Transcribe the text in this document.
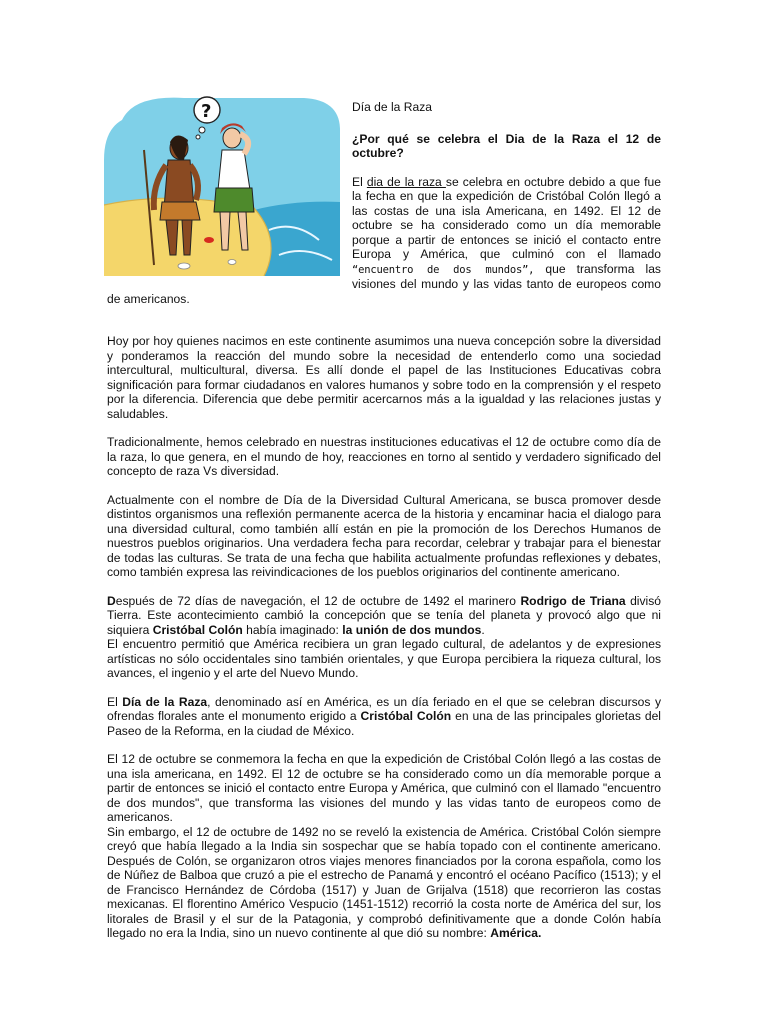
?	Día de la Raza
¿Por qué se celebra el Dia de la Raza el 12 de octubre?

El dia de la raza se celebra en octubre debido a que fue la fecha en que la expedición de Cristóbal Colón llegó a las costas de una isla Americana, en 1492. El 12 de octubre se ha considerado como un día memorable porque a partir de entonces se inició el contacto entre Europa y América, que culminó con el llamado “encuentro de dos mundos”, que transforma las visiones del mundo y las vidas tanto de europeos como de americanos.

Hoy por hoy quienes nacimos en este continente asumimos una nueva concepción sobre la diversidad y ponderamos la reacción del mundo sobre la necesidad de entenderlo como una sociedad intercultural, multicultural, diversa. Es allí donde el papel de las Instituciones Educativas cobra significación para formar ciudadanos en valores humanos y sobre todo en la comprensión y el respeto por la diferencia. Diferencia que debe permitir acercarnos más a la igualdad y las relaciones justas y saludables.

Tradicionalmente, hemos celebrado en nuestras instituciones educativas el 12 de octubre como día de la raza, lo que genera, en el mundo de hoy, reacciones en torno al sentido y verdadero significado del concepto de raza Vs diversidad.

Actualmente con el nombre de Día de la Diversidad Cultural Americana, se busca promover desde distintos organismos una reflexión permanente acerca de la historia y encaminar hacia el dialogo para una diversidad cultural, como también allí están en pie la promoción de los Derechos Humanos de nuestros pueblos originarios. Una verdadera fecha para recordar, celebrar y trabajar para el bienestar de todas las culturas. Se trata de una fecha que habilita actualmente profundas reflexiones y debates, como también expresa las reivindicaciones de los pueblos originarios del continente americano.

Después de 72 días de navegación, el 12 de octubre de 1492 el marinero Rodrigo de Triana divisó Tierra. Este acontecimiento cambió la concepción que se tenía del planeta y provocó algo que ni siquiera Cristóbal Colón había imaginado: la unión de dos mundos.

El encuentro permitió que América recibiera un gran legado cultural, de adelantos y de expresiones artísticas no sólo occidentales sino también orientales, y que Europa percibiera la riqueza cultural, los avances, el ingenio y el arte del Nuevo Mundo.

El Día de la Raza, denominado así en América, es un día feriado en el que se celebran discursos y ofrendas florales ante el monumento erigido a Cristóbal Colón en una de las principales glorietas del Paseo de la Reforma, en la ciudad de México.

El 12 de octubre se conmemora la fecha en que la expedición de Cristóbal Colón llegó a las costas de una isla americana, en 1492. El 12 de octubre se ha considerado como un día memorable porque a partir de entonces se inició el contacto entre Europa y América, que culminó con el llamado "encuentro de dos mundos", que transforma las visiones del mundo y las vidas tanto de europeos como de americanos.

Sin embargo, el 12 de octubre de 1492 no se reveló la existencia de América. Cristóbal Colón siempre creyó que había llegado a la India sin sospechar que se había topado con el continente americano. Después de Colón, se organizaron otros viajes menores financiados por la corona española, como los de Núñez de Balboa que cruzó a pie el estrecho de Panamá y encontró el océano Pacífico (1513); y el de Francisco Hernández de Córdoba (1517) y Juan de Grijalva (1518) que recorrieron las costas mexicanas. El florentino Américo Vespucio (1451-1512) recorrió la costa norte de América del sur, los litorales de Brasil y el sur de la Patagonia, y comprobó definitivamente que a donde Colón había llegado no era la India, sino un nuevo continente al que dió su nombre: América.
